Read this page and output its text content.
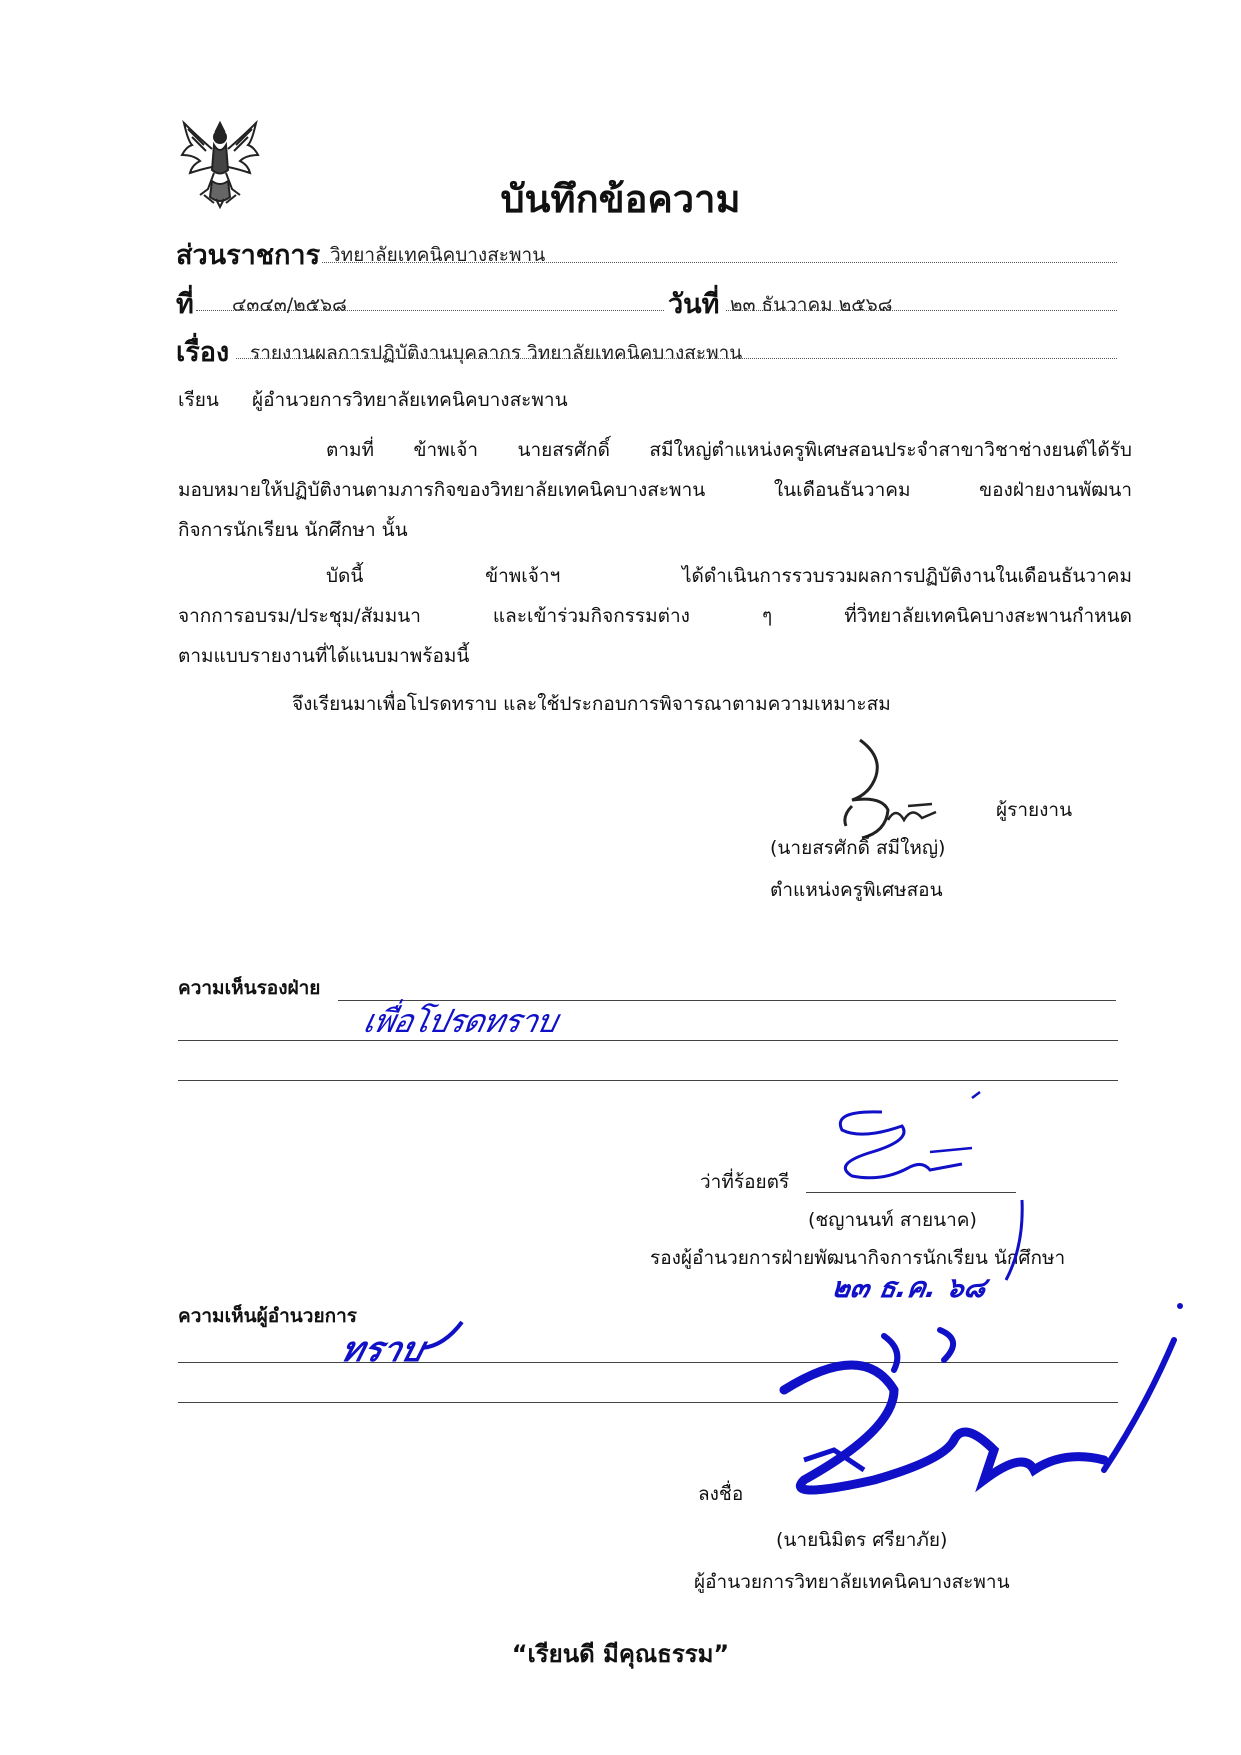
บันทึกข้อความ
ส่วนราชการ วิทยาลัยเทคนิคบางสะพาน
ที่ ๔๓๔๓/๒๕๖๘	วันที่ ๒๓ ธันวาคม ๒๕๖๘
เรื่อง รายงานผลการปฏิบัติงานบุคลากร วิทยาลัยเทคนิคบางสะพาน
เรียน ผู้อำนวยการวิทยาลัยเทคนิคบางสะพาน
ตามที่ ข้าพเจ้า นายสรศักดิ์ สมีใหญ่ตำแหน่งครูพิเศษสอนประจำสาขาวิชาช่างยนต์ได้รับ
มอบหมายให้ปฏิบัติงานตามภารกิจของวิทยาลัยเทคนิคบางสะพาน ในเดือนธันวาคม ของฝ่ายงานพัฒนา
กิจการนักเรียน นักศึกษา นั้น
บัดนี้ ข้าพเจ้าฯ ได้ดำเนินการรวบรวมผลการปฏิบัติงานในเดือนธันวาคม
จากการอบรม/ประชุม/สัมมนา และเข้าร่วมกิจกรรมต่าง ๆ ที่วิทยาลัยเทคนิคบางสะพานกำหนด
ตามแบบรายงานที่ได้แนบมาพร้อมนี้
จึงเรียนมาเพื่อโปรดทราบ และใช้ประกอบการพิจารณาตามความเหมาะสม
ผู้รายงาน
(นายสรศักดิ์ สมีใหญ่)
ตำแหน่งครูพิเศษสอน
ความเห็นรองฝ่าย
เพื่อโปรดทราบ
ว่าที่ร้อยตรี
(ชญานนท์ สายนาค)
รองผู้อำนวยการฝ่ายพัฒนากิจการนักเรียน นักศึกษา
๒๓ ธ.ค. ๖๘
ความเห็นผู้อำนวยการ
ทราบ
ลงชื่อ
(นายนิมิตร ศรียาภัย)
ผู้อำนวยการวิทยาลัยเทคนิคบางสะพาน
“เรียนดี มีคุณธรรม”
